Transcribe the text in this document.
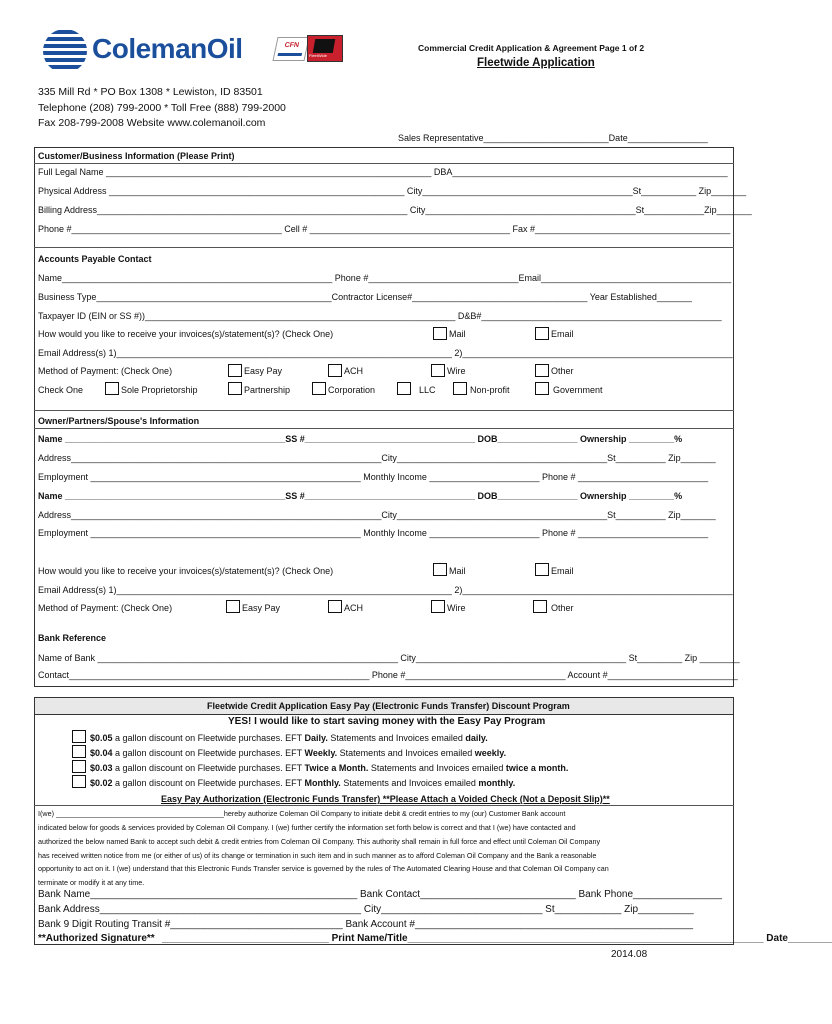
ColemanOil	CFN
FleetWide
Commercial Credit Application & Agreement Page 1 of 2
Fleetwide Application
335 Mill Rd * PO Box 1308 * Lewiston, ID 83501
Telephone (208) 799-2000 * Toll Free (888) 799-2000
Fax 208-799-2008 Website www.colemanoil.com
Sales Representative_________________________Date________________
Customer/Business Information (Please Print)
Full Legal Name _________________________________________________________________ DBA_______________________________________________________
Physical Address ___________________________________________________________ City__________________________________________St___________ Zip_______
Billing Address______________________________________________________________ City__________________________________________St____________Zip_______
Phone #__________________________________________ Cell # ________________________________________ Fax #_______________________________________
Accounts Payable Contact
Name______________________________________________________ Phone #______________________________Email______________________________________
Business Type_______________________________________________Contractor License#___________________________________ Year Established_______
Taxpayer ID (EIN or SS #))______________________________________________________________ D&B#________________________________________________
How would you like to receive your invoices(s)/statement(s)? (Check One)	Mail	Email
Email Address(s) 1)___________________________________________________________________ 2)______________________________________________________
Method of Payment: (Check One)	Easy Pay	ACH	Wire	Other
Check One	Sole Proprietorship	Partnership	Corporation	LLC	Non-profit	Government
Owner/Partners/Spouse's Information
Name ____________________________________________SS #__________________________________ DOB________________ Ownership _________%
Address______________________________________________________________City__________________________________________St__________ Zip_______
Employment ______________________________________________________ Monthly Income ______________________ Phone # __________________________
Name ____________________________________________SS #__________________________________ DOB________________ Ownership _________%
Address______________________________________________________________City__________________________________________St__________ Zip_______
Employment ______________________________________________________ Monthly Income ______________________ Phone # __________________________
How would you like to receive your invoices(s)/statement(s)? (Check One)	Mail	Email
Email Address(s) 1)___________________________________________________________________ 2)______________________________________________________
Method of Payment: (Check One)	Easy Pay	ACH	Wire	Other
Bank Reference
Name of Bank ____________________________________________________________ City__________________________________________ St_________ Zip ________
Contact____________________________________________________________ Phone #________________________________ Account #__________________________
Fleetwide Credit Application Easy Pay (Electronic Funds Transfer) Discount Program
YES! I would like to start saving money with the Easy Pay Program
$0.05 a gallon discount on Fleetwide purchases. EFT Daily. Statements and Invoices emailed daily.
$0.04 a gallon discount on Fleetwide purchases. EFT Weekly. Statements and Invoices emailed weekly.
$0.03 a gallon discount on Fleetwide purchases. EFT Twice a Month. Statements and Invoices emailed twice a month.
$0.02 a gallon discount on Fleetwide purchases. EFT Monthly. Statements and Invoices emailed monthly.
Easy Pay Authorization (Electronic Funds Transfer) **Please Attach a Voided Check (Not a Deposit Slip)**
I(we) __________________________________________hereby authorize Coleman Oil Company to initiate debit & credit entries to my (our) Customer Bank account
indicated below for goods & services provided by Coleman Oil Company. I (we) further certify the information set forth below is correct and that I (we) have contacted and
authorized the below named Bank to accept such debit & credit entries from Coleman Oil Company. This authority shall remain in full force and effect until Coleman Oil Company
has received written notice from me (or either of us) of its change or termination in such item and in such manner as to afford Coleman Oil Company and the Bank a reasonable
opportunity to act on it. I (we) understand that this Electronic Funds Transfer service is governed by the rules of The Automated Clearing House and that Coleman Oil Company can
terminate or modify it at any time.
Bank Name________________________________________________ Bank Contact____________________________ Bank Phone________________
Bank Address_______________________________________________ City_____________________________ St____________ Zip__________
Bank 9 Digit Routing Transit #_______________________________ Bank Account #__________________________________________________
**Authorized Signature** ______________________________ Print Name/Title________________________________________________________________ Date________
2014.08
